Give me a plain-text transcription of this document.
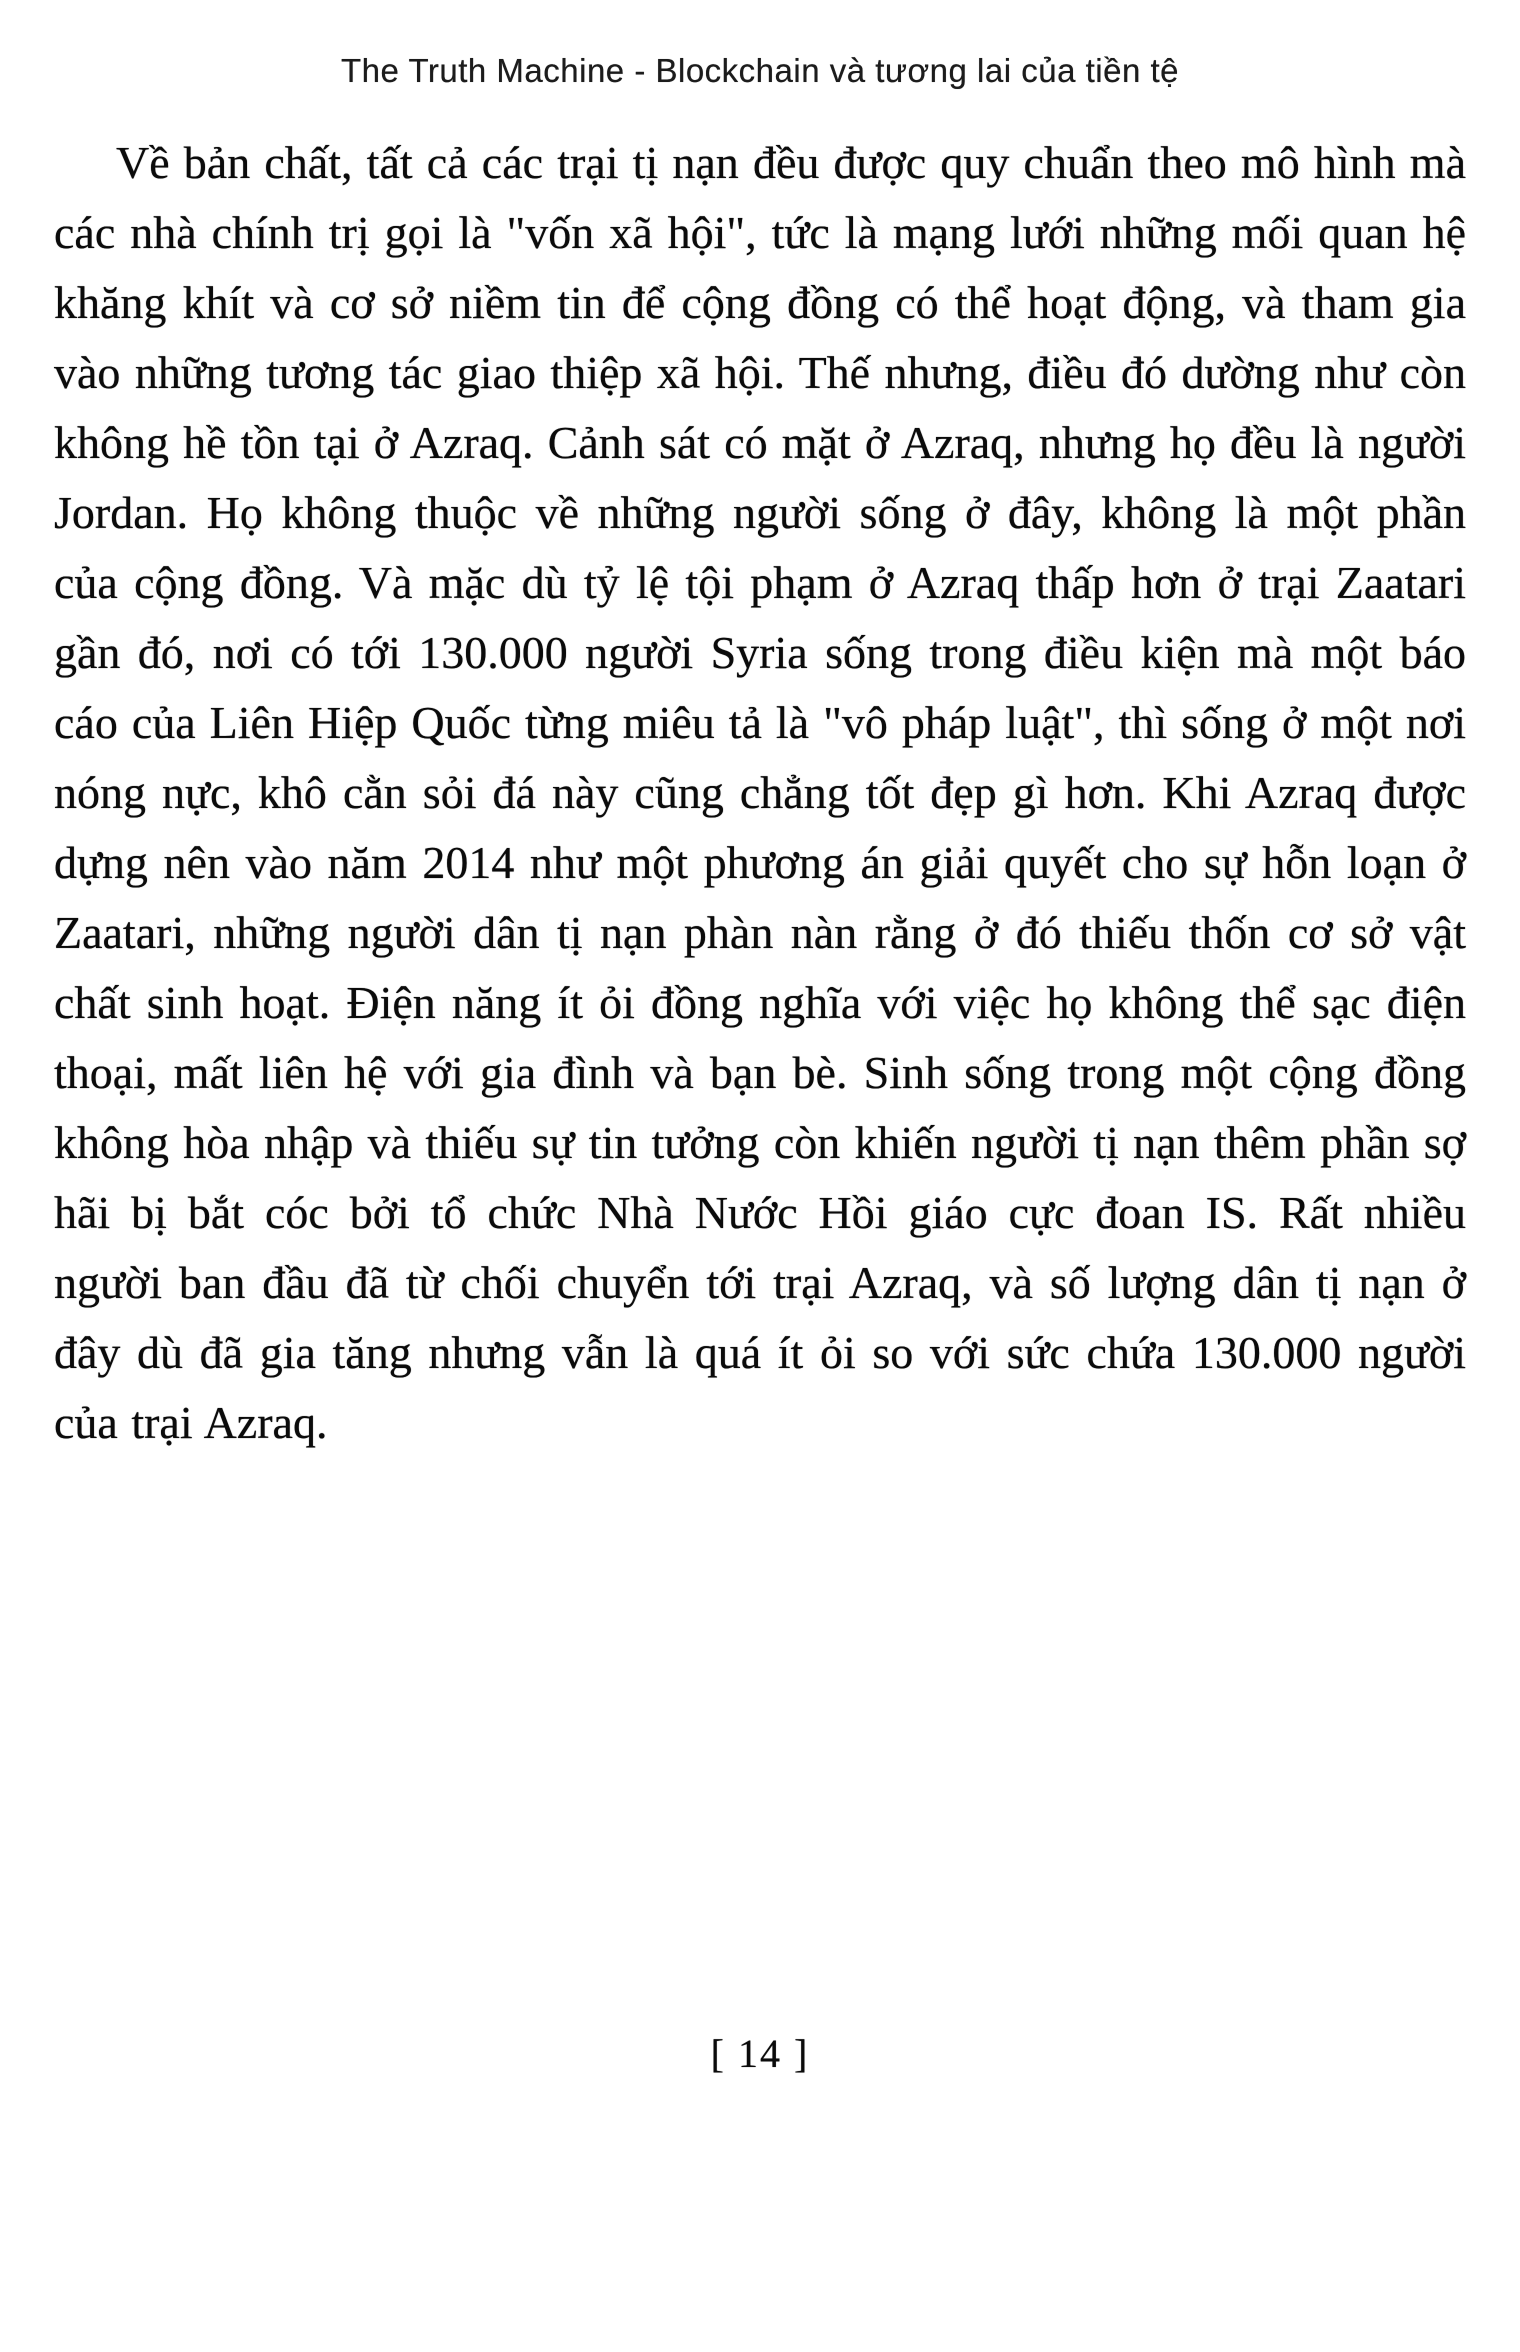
The Truth Machine - Blockchain và tương lai của tiền tệ

Về bản chất, tất cả các trại tị nạn đều được quy chuẩn theo mô hình mà các nhà chính trị gọi là "vốn xã hội", tức là mạng lưới những mối quan hệ khăng khít và cơ sở niềm tin để cộng đồng có thể hoạt động, và tham gia vào những tương tác giao thiệp xã hội. Thế nhưng, điều đó dường như còn không hề tồn tại ở Azraq. Cảnh sát có mặt ở Azraq, nhưng họ đều là người Jordan. Họ không thuộc về những người sống ở đây, không là một phần của cộng đồng. Và mặc dù tỷ lệ tội phạm ở Azraq thấp hơn ở trại Zaatari gần đó, nơi có tới 130.000 người Syria sống trong điều kiện mà một báo cáo của Liên Hiệp Quốc từng miêu tả là "vô pháp luật", thì sống ở một nơi nóng nực, khô cằn sỏi đá này cũng chẳng tốt đẹp gì hơn. Khi Azraq được dựng nên vào năm 2014 như một phương án giải quyết cho sự hỗn loạn ở Zaatari, những người dân tị nạn phàn nàn rằng ở đó thiếu thốn cơ sở vật chất sinh hoạt. Điện năng ít ỏi đồng nghĩa với việc họ không thể sạc điện thoại, mất liên hệ với gia đình và bạn bè. Sinh sống trong một cộng đồng không hòa nhập và thiếu sự tin tưởng còn khiến người tị nạn thêm phần sợ hãi bị bắt cóc bởi tổ chức Nhà Nước Hồi giáo cực đoan IS. Rất nhiều người ban đầu đã từ chối chuyển tới trại Azraq, và số lượng dân tị nạn ở đây dù đã gia tăng nhưng vẫn là quá ít ỏi so với sức chứa 130.000 người của trại Azraq.

[ 14 ]
